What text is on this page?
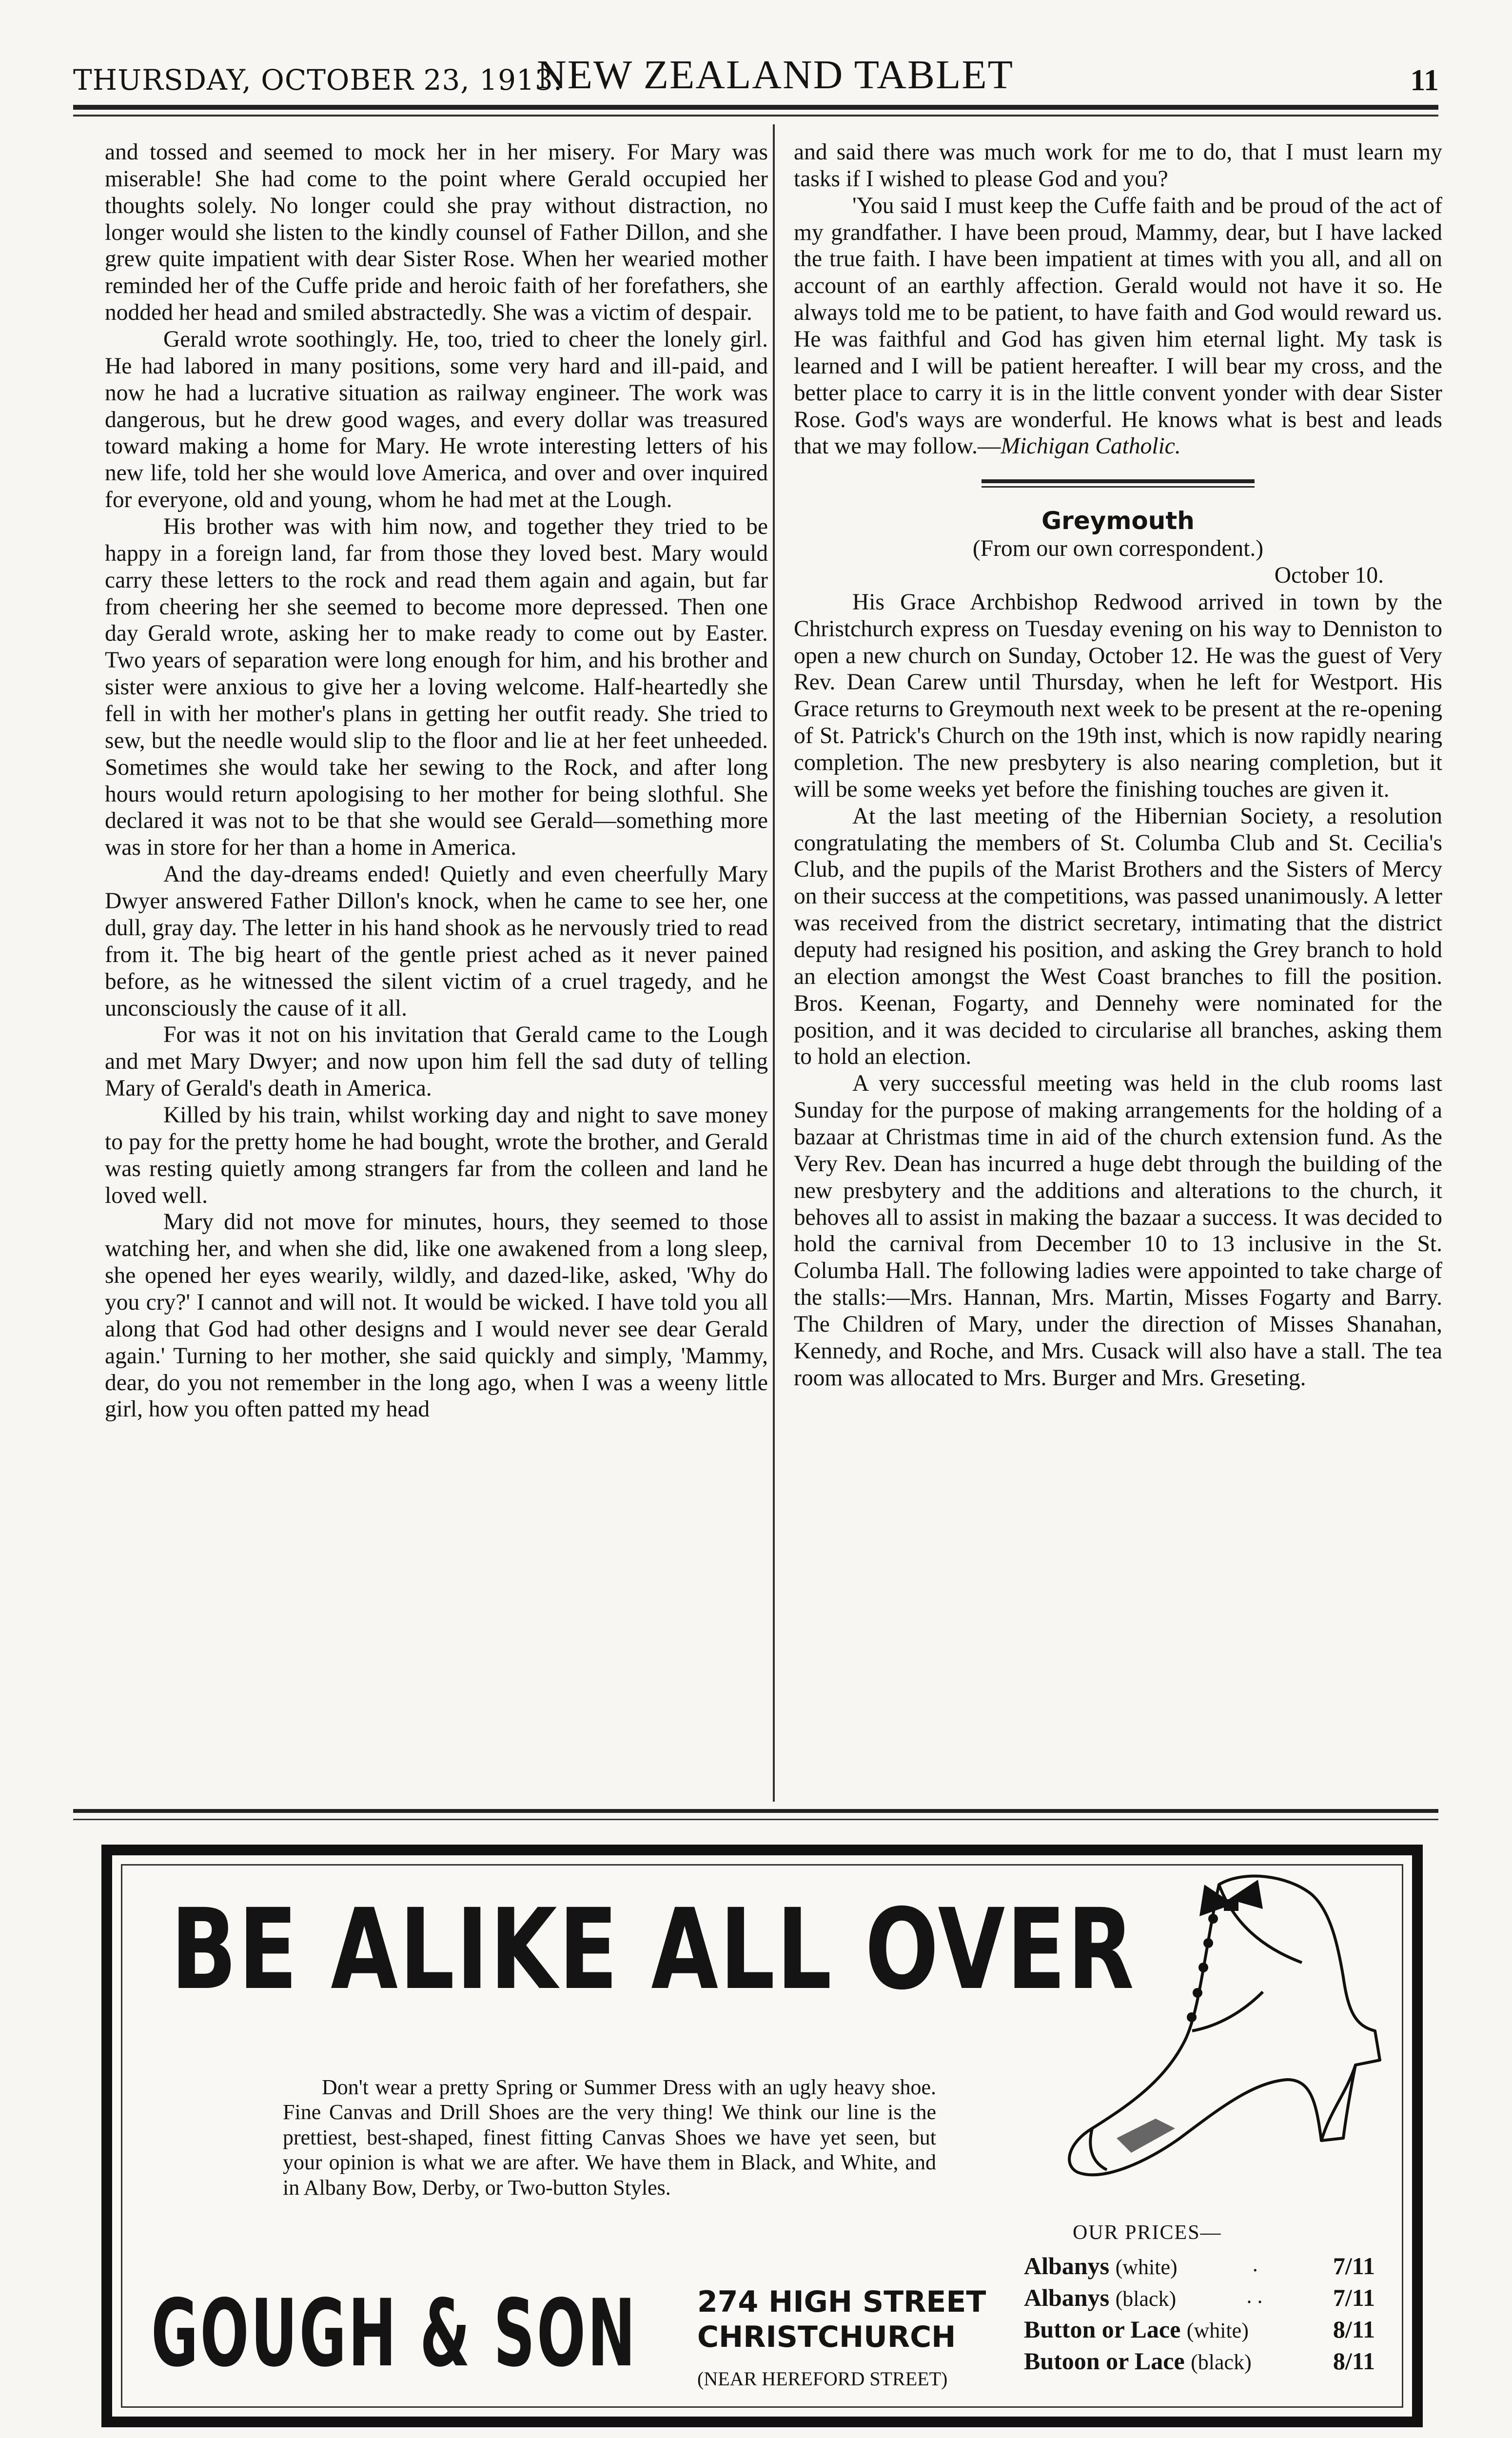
THURSDAY, OCTOBER 23, 1913.
NEW ZEALAND TABLET	11

and tossed and seemed to mock her in her misery. For Mary was miserable! She had come to the point where Gerald occupied her thoughts solely. No longer could she pray without distraction, no longer would she listen to the kindly counsel of Father Dillon, and she grew quite impatient with dear Sister Rose. When her wearied mother reminded her of the Cuffe pride and heroic faith of her forefathers, she nodded her head and smiled abstractedly. She was a victim of despair.

Gerald wrote soothingly. He, too, tried to cheer the lonely girl. He had labored in many positions, some very hard and ill-paid, and now he had a lucrative situation as railway engineer. The work was dangerous, but he drew good wages, and every dollar was treasured toward making a home for Mary. He wrote interesting letters of his new life, told her she would love America, and over and over inquired for everyone, old and young, whom he had met at the Lough.

His brother was with him now, and together they tried to be happy in a foreign land, far from those they loved best. Mary would carry these letters to the rock and read them again and again, but far from cheering her she seemed to become more depressed. Then one day Gerald wrote, asking her to make ready to come out by Easter. Two years of separation were long enough for him, and his brother and sister were anxious to give her a loving welcome. Half-heartedly she fell in with her mother's plans in getting her outfit ready. She tried to sew, but the needle would slip to the floor and lie at her feet unheeded. Sometimes she would take her sewing to the Rock, and after long hours would return apologising to her mother for being slothful. She declared it was not to be that she would see Gerald—something more was in store for her than a home in America.

And the day-dreams ended! Quietly and even cheerfully Mary Dwyer answered Father Dillon's knock, when he came to see her, one dull, gray day. The letter in his hand shook as he nervously tried to read from it. The big heart of the gentle priest ached as it never pained before, as he witnessed the silent victim of a cruel tragedy, and he unconsciously the cause of it all.

For was it not on his invitation that Gerald came to the Lough and met Mary Dwyer; and now upon him fell the sad duty of telling Mary of Gerald's death in America.

Killed by his train, whilst working day and night to save money to pay for the pretty home he had bought, wrote the brother, and Gerald was resting quietly among strangers far from the colleen and land he loved well.

Mary did not move for minutes, hours, they seemed to those watching her, and when she did, like one awakened from a long sleep, she opened her eyes wearily, wildly, and dazed-like, asked, 'Why do you cry?' I cannot and will not. It would be wicked. I have told you all along that God had other designs and I would never see dear Gerald again.' Turning to her mother, she said quickly and simply, 'Mammy, dear, do you not remember in the long ago, when I was a weeny little girl, how you often patted my head

and said there was much work for me to do, that I must learn my tasks if I wished to please God and you?

'You said I must keep the Cuffe faith and be proud of the act of my grandfather. I have been proud, Mammy, dear, but I have lacked the true faith. I have been impatient at times with you all, and all on account of an earthly affection. Gerald would not have it so. He always told me to be patient, to have faith and God would reward us. He was faithful and God has given him eternal light. My task is learned and I will be patient hereafter. I will bear my cross, and the better place to carry it is in the little convent yonder with dear Sister Rose. God's ways are wonderful. He knows what is best and leads that we may follow.—Michigan Catholic.

Greymouth

(From our own correspondent.)

October 10.

His Grace Archbishop Redwood arrived in town by the Christchurch express on Tuesday evening on his way to Denniston to open a new church on Sunday, October 12. He was the guest of Very Rev. Dean Carew until Thursday, when he left for Westport. His Grace returns to Greymouth next week to be present at the re-opening of St. Patrick's Church on the 19th inst, which is now rapidly nearing completion. The new presbytery is also nearing completion, but it will be some weeks yet before the finishing touches are given it.

At the last meeting of the Hibernian Society, a resolution congratulating the members of St. Columba Club and St. Cecilia's Club, and the pupils of the Marist Brothers and the Sisters of Mercy on their success at the competitions, was passed unanimously. A letter was received from the district secretary, intimating that the district deputy had resigned his position, and asking the Grey branch to hold an election amongst the West Coast branches to fill the position. Bros. Keenan, Fogarty, and Dennehy were nominated for the position, and it was decided to circularise all branches, asking them to hold an election.

A very successful meeting was held in the club rooms last Sunday for the purpose of making arrangements for the holding of a bazaar at Christmas time in aid of the church extension fund. As the Very Rev. Dean has incurred a huge debt through the building of the new presbytery and the additions and alterations to the church, it behoves all to assist in making the bazaar a success. It was decided to hold the carnival from December 10 to 13 inclusive in the St. Columba Hall. The following ladies were appointed to take charge of the stalls:—Mrs. Hannan, Mrs. Martin, Misses Fogarty and Barry. The Children of Mary, under the direction of Misses Shanahan, Kennedy, and Roche, and Mrs. Cusack will also have a stall. The tea room was allocated to Mrs. Burger and Mrs. Greseting.

BE ALIKE ALL OVER
Don't wear a pretty Spring or Summer Dress with an ugly heavy shoe. Fine Canvas and Drill Shoes are the very thing! We think our line is the prettiest, best-shaped, finest fitting Canvas Shoes we have yet seen, but your opinion is what we are after. We have them in Black, and White, and in Albany Bow, Derby, or Two-button Styles.
OUR PRICES—
Albanys (white)	.	7/11
Albanys (black)	. .	7/11
Button or Lace (white)	8/11
Butoon or Lace (black)	8/11
GOUGH & SON 274 HIGH STREET
CHRISTCHURCH
(NEAR HEREFORD STREET)
